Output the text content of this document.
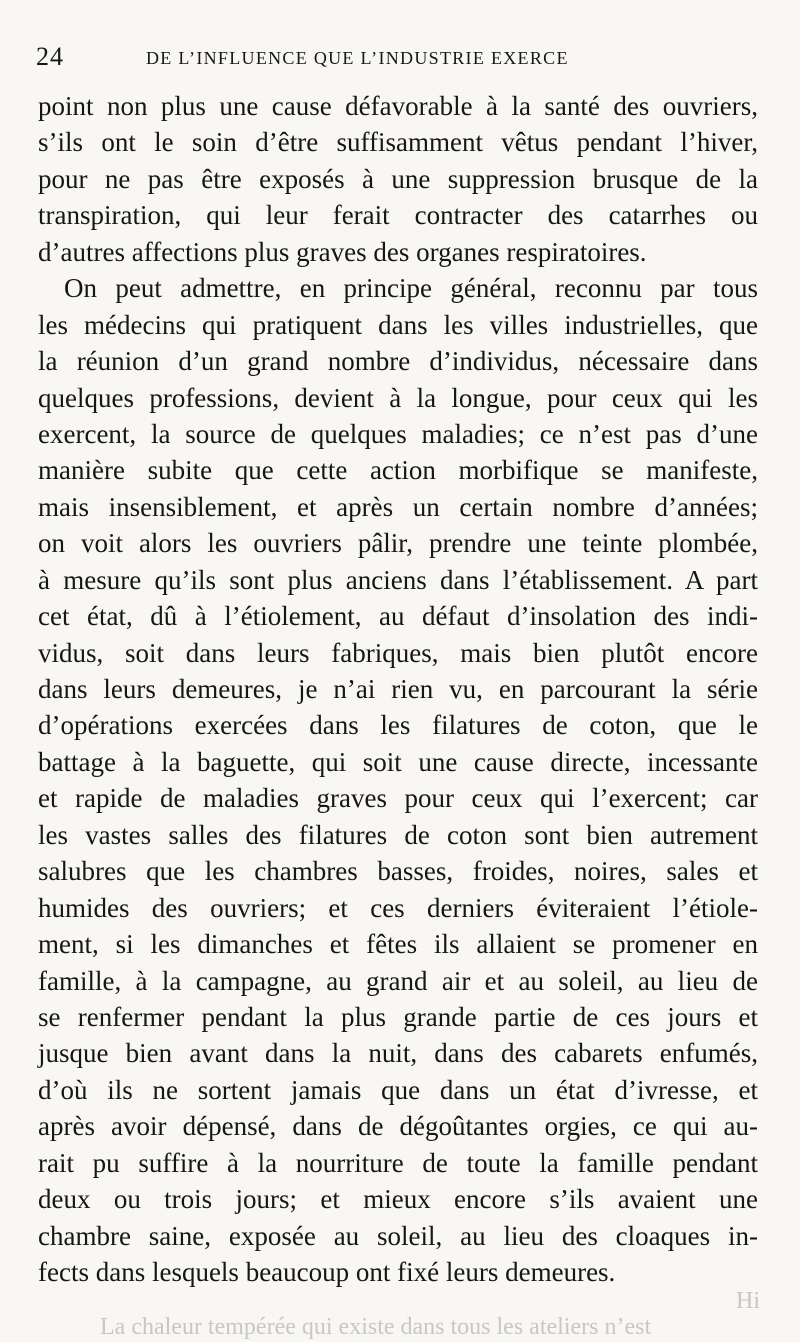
24	DE L’INFLUENCE QUE L’INDUSTRIE EXERCE
point non plus une cause défavorable à la santé des ouvriers,
s’ils ont le soin d’être suffisamment vêtus pendant l’hiver,
pour ne pas être exposés à une suppression brusque de la
transpiration, qui leur ferait contracter des catarrhes ou
d’autres affections plus graves des organes respiratoires.
On peut admettre, en principe général, reconnu par tous
les médecins qui pratiquent dans les villes industrielles, que
la réunion d’un grand nombre d’individus, nécessaire dans
quelques professions, devient à la longue, pour ceux qui les
exercent, la source de quelques maladies; ce n’est pas d’une
manière subite que cette action morbifique se manifeste,
mais insensiblement, et après un certain nombre d’années;
on voit alors les ouvriers pâlir, prendre une teinte plombée,
à mesure qu’ils sont plus anciens dans l’établissement. A part
cet état, dû à l’étiolement, au défaut d’insolation des indi-
vidus, soit dans leurs fabriques, mais bien plutôt encore
dans leurs demeures, je n’ai rien vu, en parcourant la série
d’opérations exercées dans les filatures de coton, que le
battage à la baguette, qui soit une cause directe, incessante
et rapide de maladies graves pour ceux qui l’exercent; car
les vastes salles des filatures de coton sont bien autrement
salubres que les chambres basses, froides, noires, sales et
humides des ouvriers; et ces derniers éviteraient l’étiole-
ment, si les dimanches et fêtes ils allaient se promener en
famille, à la campagne, au grand air et au soleil, au lieu de
se renfermer pendant la plus grande partie de ces jours et
jusque bien avant dans la nuit, dans des cabarets enfumés,
d’où ils ne sortent jamais que dans un état d’ivresse, et
après avoir dépensé, dans de dégoûtantes orgies, ce qui au-
rait pu suffire à la nourriture de toute la famille pendant
deux ou trois jours; et mieux encore s’ils avaient une
chambre saine, exposée au soleil, au lieu des cloaques in-
fects dans lesquels beaucoup ont fixé leurs demeures.
Hi
La chaleur tempérée qui existe dans tous les ateliers n’est
